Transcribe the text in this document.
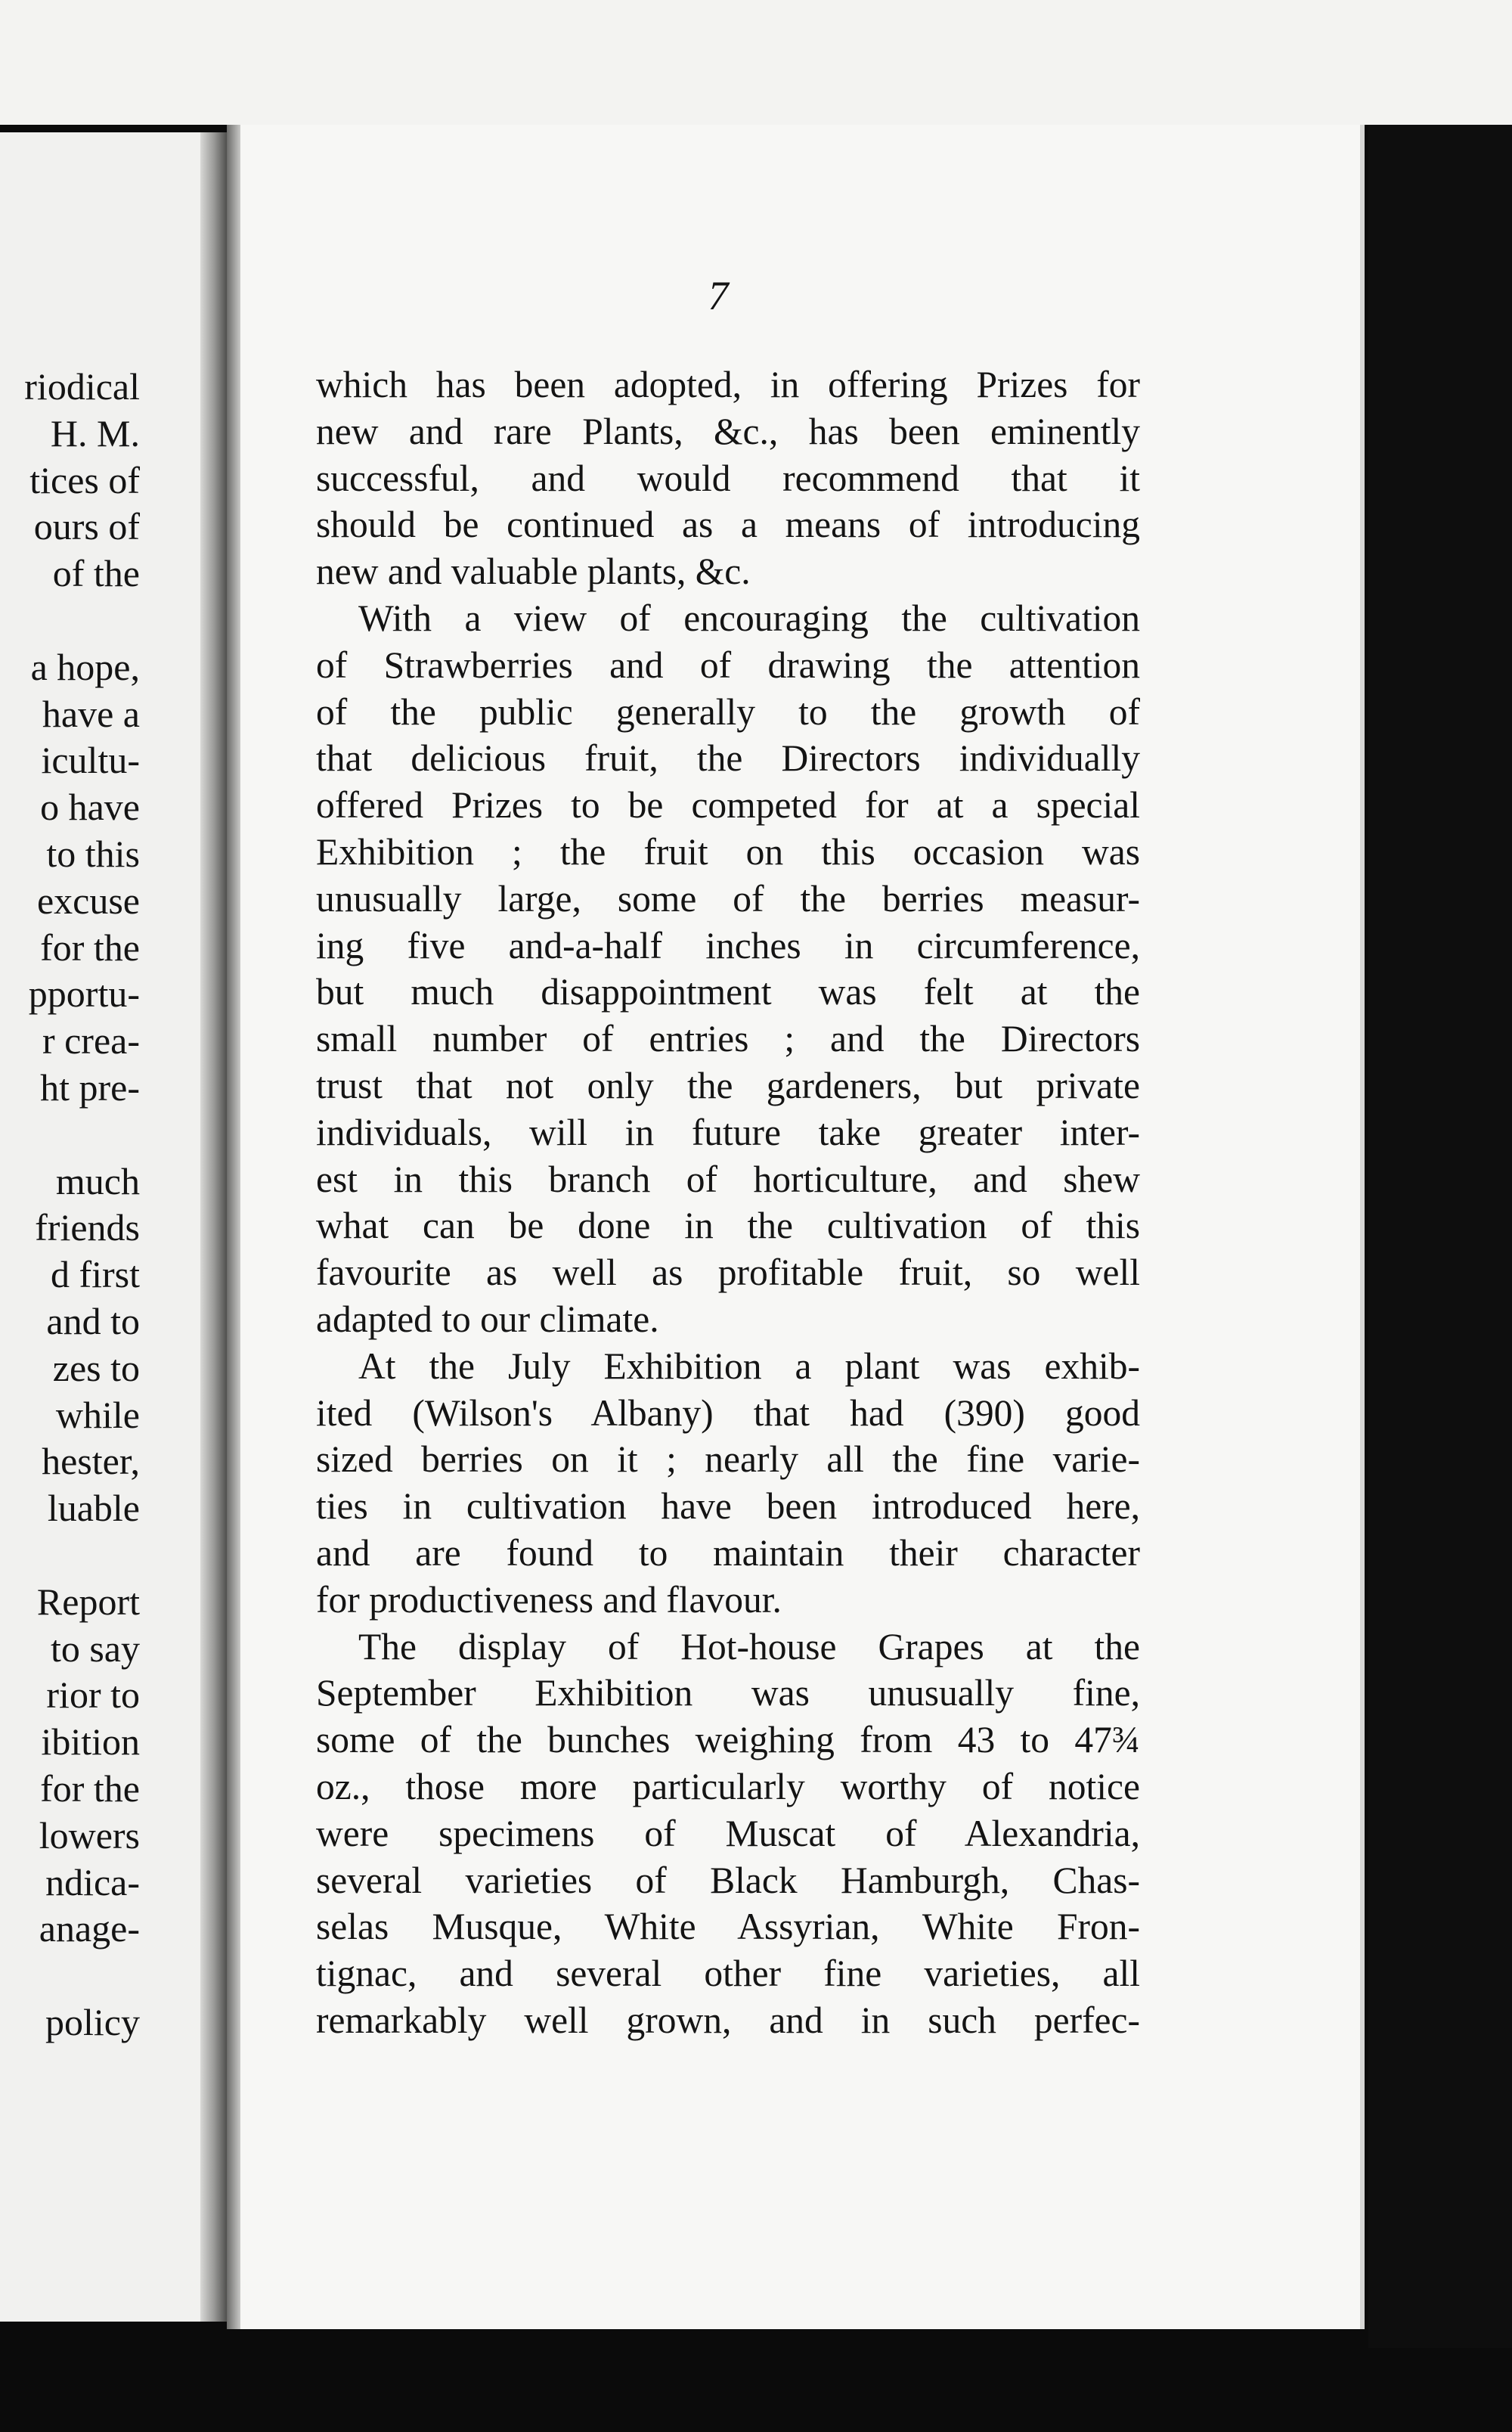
riodical
H. M.
tices of
ours of
of the
a hope,
have a
icultu-
o have
to this
excuse
for the
pportu-
r crea-
ht pre-
much
friends
d first
and to
zes to
while
hester,
luable
Report
to say
rior to
ibition
for the
lowers
ndica-
anage-
policy
7
which has been adopted, in offering Prizes for
new and rare Plants, &c., has been eminently
successful, and would recommend that it
should be continued as a means of introducing
new and valuable plants, &c.
With a view of encouraging the cultivation
of Strawberries and of drawing the attention
of the public generally to the growth of
that delicious fruit, the Directors individually
offered Prizes to be competed for at a special
Exhibition ; the fruit on this occasion was
unusually large, some of the berries measur-
ing five and-a-half inches in circumference,
but much disappointment was felt at the
small number of entries ; and the Directors
trust that not only the gardeners, but private
individuals, will in future take greater inter-
est in this branch of horticulture, and shew
what can be done in the cultivation of this
favourite as well as profitable fruit, so well
adapted to our climate.
At the July Exhibition a plant was exhib-
ited (Wilson's Albany) that had (390) good
sized berries on it ; nearly all the fine varie-
ties in cultivation have been introduced here,
and are found to maintain their character
for productiveness and flavour.
The display of Hot-house Grapes at the
September Exhibition was unusually fine,
some of the bunches weighing from 43 to 47¾
oz., those more particularly worthy of notice
were specimens of Muscat of Alexandria,
several varieties of Black Hamburgh, Chas-
selas Musque, White Assyrian, White Fron-
tignac, and several other fine varieties, all
remarkably well grown, and in such perfec-
